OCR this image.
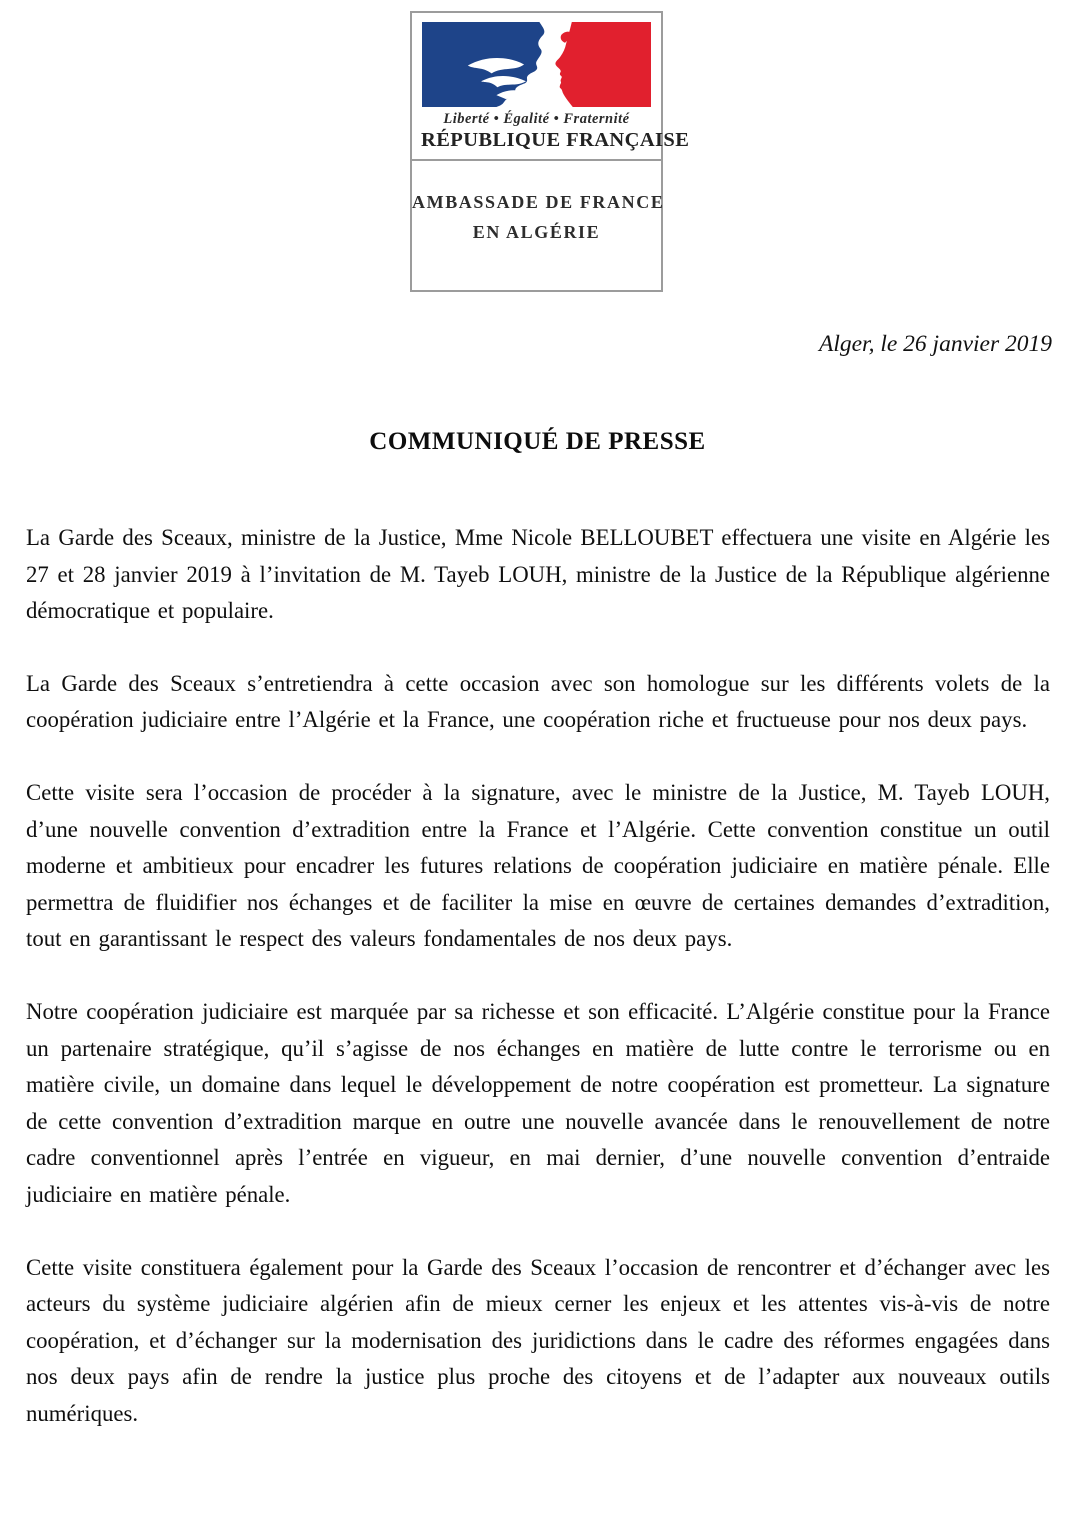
Liberté • Égalité • Fraternité
RÉPUBLIQUE FRANÇAISE
AMBASSADE DE FRANCE
EN ALGÉRIE
Alger, le 26 janvier 2019
COMMUNIQUÉ DE PRESSE

La Garde des Sceaux, ministre de la Justice, Mme Nicole BELLOUBET effectuera une visite en Algérie les 27 et 28 janvier 2019 à l’invitation de M. Tayeb LOUH, ministre de la Justice de la République algérienne démocratique et populaire.

La Garde des Sceaux s’entretiendra à cette occasion avec son homologue sur les différents volets de la coopération judiciaire entre l’Algérie et la France, une coopération riche et fructueuse pour nos deux pays.

Cette visite sera l’occasion de procéder à la signature, avec le ministre de la Justice, M. Tayeb LOUH, d’une nouvelle convention d’extradition entre la France et l’Algérie. Cette convention constitue un outil moderne et ambitieux pour encadrer les futures relations de coopération judiciaire en matière pénale. Elle permettra de fluidifier nos échanges et de faciliter la mise en œuvre de certaines demandes d’extradition, tout en garantissant le respect des valeurs fondamentales de nos deux pays.

Notre coopération judiciaire est marquée par sa richesse et son efficacité. L’Algérie constitue pour la France un partenaire stratégique, qu’il s’agisse de nos échanges en matière de lutte contre le terrorisme ou en matière civile, un domaine dans lequel le développement de notre coopération est prometteur. La signature de cette convention d’extradition marque en outre une nouvelle avancée dans le renouvellement de notre cadre conventionnel après l’entrée en vigueur, en mai dernier, d’une nouvelle convention d’entraide judiciaire en matière pénale.

Cette visite constituera également pour la Garde des Sceaux l’occasion de rencontrer et d’échanger avec les acteurs du système judiciaire algérien afin de mieux cerner les enjeux et les attentes vis-à-vis de notre coopération, et d’échanger sur la modernisation des juridictions dans le cadre des réformes engagées dans nos deux pays afin de rendre la justice plus proche des citoyens et de l’adapter aux nouveaux outils numériques.
